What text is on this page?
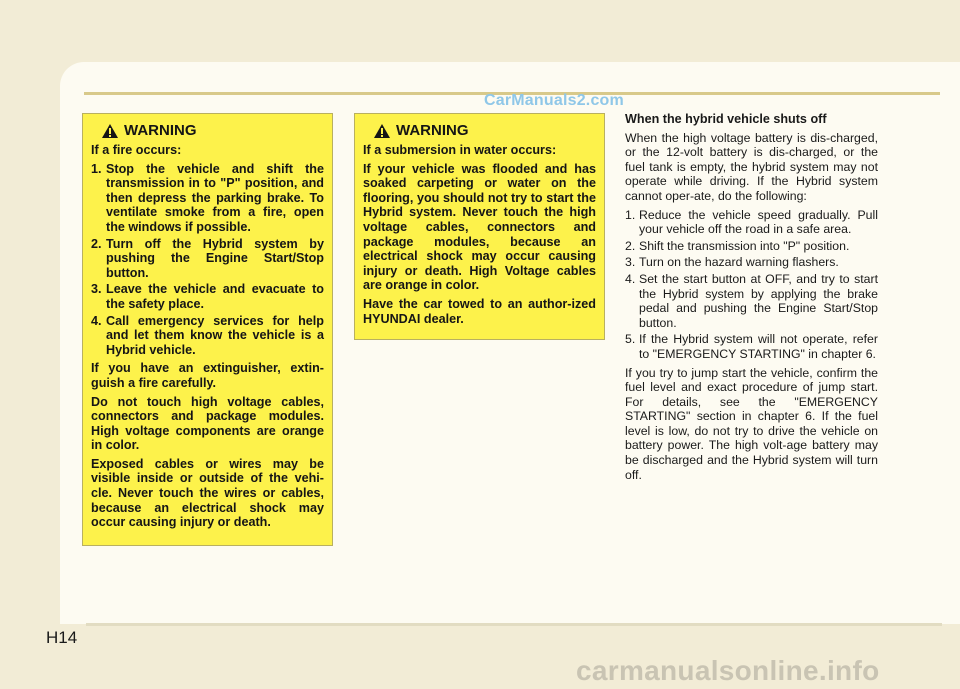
CarManuals2.com
WARNING

If a fire occurs:

1. Stop the vehicle and shift the transmission in to "P" position, and then depress the parking brake. To ventilate smoke from a fire, open the windows if possible.
2. Turn off the Hybrid system by pushing the Engine Start/Stop button.
3. Leave the vehicle and evacuate to the safety place.
4. Call emergency services for help and let them know the vehicle is a Hybrid vehicle.

If you have an extinguisher, extin-guish a fire carefully.

Do not touch high voltage cables, connectors and package modules. High voltage components are orange in color.

Exposed cables or wires may be visible inside or outside of the vehi-cle. Never touch the wires or cables, because an electrical shock may occur causing injury or death.

WARNING

If a submersion in water occurs:

If your vehicle was flooded and has soaked carpeting or water on the flooring, you should not try to start the Hybrid system. Never touch the high voltage cables, connectors and package modules, because an electrical shock may occur causing injury or death. High Voltage cables are orange in color.

Have the car towed to an author-ized HYUNDAI dealer.

When the hybrid vehicle shuts off

When the high voltage battery is dis-charged, or the 12-volt battery is dis-charged, or the fuel tank is empty, the hybrid system may not operate while driving. If the Hybrid system cannot oper-ate, do the following:

1. Reduce the vehicle speed gradually. Pull your vehicle off the road in a safe area.
2. Shift the transmission into "P" position.
3. Turn on the hazard warning flashers.
4. Set the start button at OFF, and try to start the Hybrid system by applying the brake pedal and pushing the Engine Start/Stop button.
5. If the Hybrid system will not operate, refer to "EMERGENCY STARTING" in chapter 6.

If you try to jump start the vehicle, confirm the fuel level and exact procedure of jump start. For details, see the "EMERGENCY STARTING" section in chapter 6. If the fuel level is low, do not try to drive the vehicle on battery power. The high volt-age battery may be discharged and the Hybrid system will turn off.

H14
carmanualsonline.info
